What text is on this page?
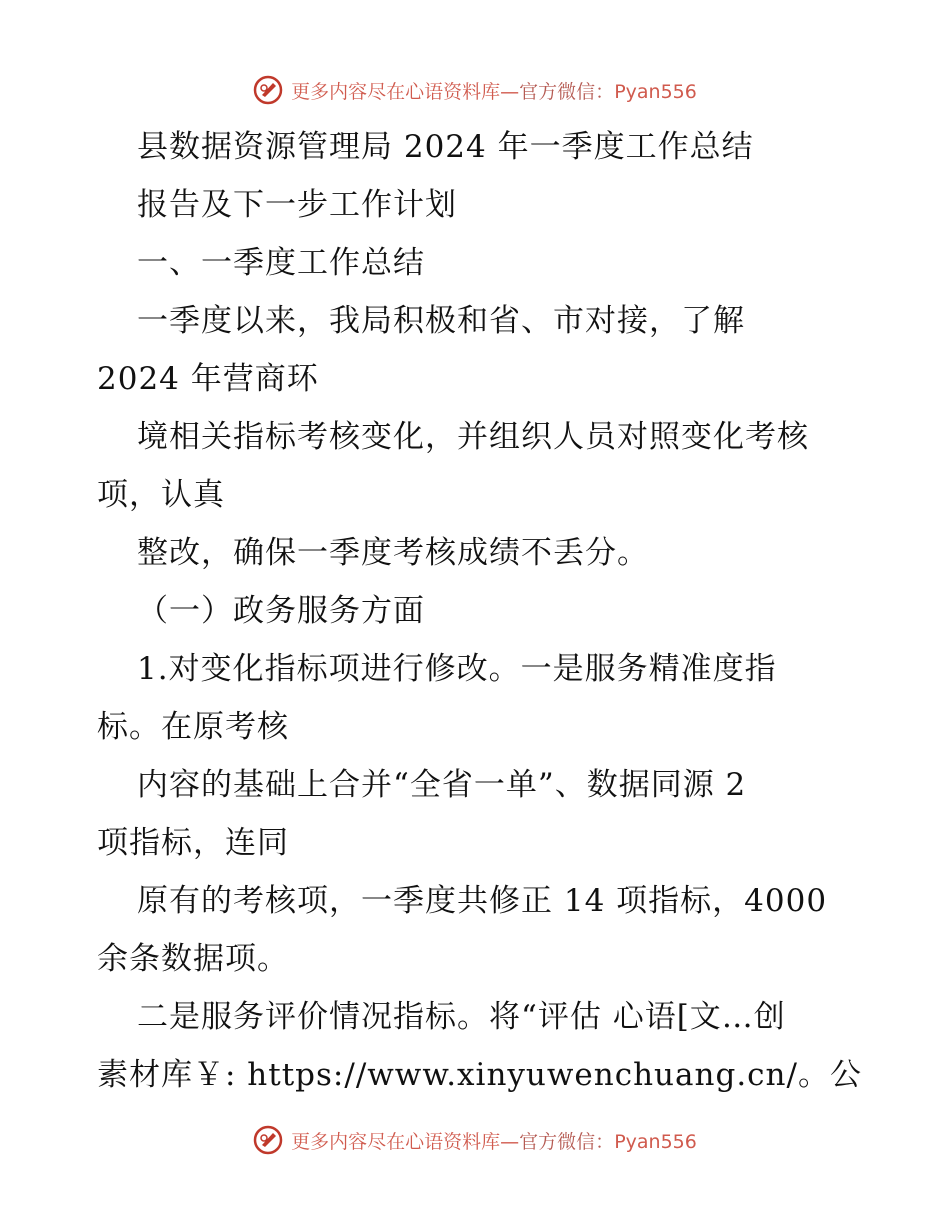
更多内容尽在心语资料库—官方微信：Pyan556
县数据资源管理局 2024 年一季度工作总结
报告及下一步工作计划
一、一季度工作总结
一季度以来，我局积极和省、市对接，了解
2024 年营商环
境相关指标考核变化，并组织人员对照变化考核
项，认真
整改，确保一季度考核成绩不丢分。
（一）政务服务方面
1.对变化指标项进行修改。一是服务精准度指
标。在原考核
内容的基础上合并“全省一单”、数据同源 2
项指标，连同
原有的考核项，一季度共修正 14 项指标，4000
余条数据项。
二是服务评价情况指标。将“评估 心语[文…创
素材库￥: https://www.xinyuwenchuang.cn/。公
更多内容尽在心语资料库—官方微信：Pyan556
